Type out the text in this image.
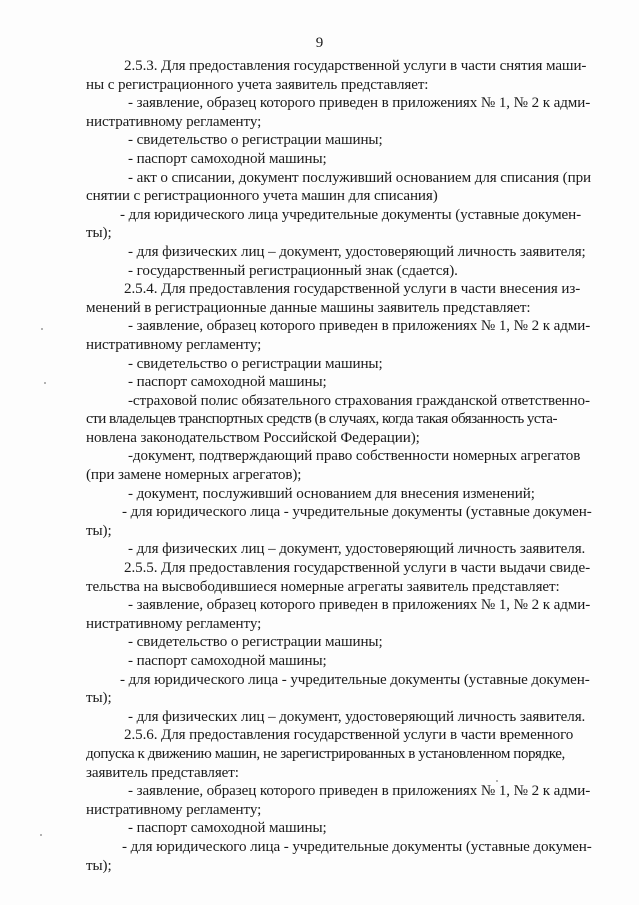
9
2.5.3. Для предоставления государственной услуги в части снятия маши-
ны с регистрационного учета заявитель представляет:
- заявление, образец которого приведен в приложениях № 1, № 2 к адми-
нистративному регламенту;
- свидетельство о регистрации машины;
- паспорт самоходной машины;
- акт о списании, документ послуживший основанием для списания (при
снятии с регистрационного учета машин для списания)
- для юридического лица учредительные документы (уставные докумен-
ты);
- для физических лиц – документ, удостоверяющий личность заявителя;
- государственный регистрационный знак (сдается).
2.5.4. Для предоставления государственной услуги в части внесения из-
менений в регистрационные данные машины заявитель представляет:
- заявление, образец которого приведен в приложениях № 1, № 2 к адми-
нистративному регламенту;
- свидетельство о регистрации машины;
- паспорт самоходной машины;
-страховой полис обязательного страхования гражданской ответственно-
сти владельцев транспортных средств (в случаях, когда такая обязанность уста-
новлена законодательством Российской Федерации);
-документ, подтверждающий право собственности номерных агрегатов
(при замене номерных агрегатов);
- документ, послуживший основанием для внесения изменений;
- для юридического лица - учредительные документы (уставные докумен-
ты);
- для физических лиц – документ, удостоверяющий личность заявителя.
2.5.5. Для предоставления государственной услуги в части выдачи свиде-
тельства на высвободившиеся номерные агрегаты заявитель представляет:
- заявление, образец которого приведен в приложениях № 1, № 2 к адми-
нистративному регламенту;
- свидетельство о регистрации машины;
- паспорт самоходной машины;
- для юридического лица - учредительные документы (уставные докумен-
ты);
- для физических лиц – документ, удостоверяющий личность заявителя.
2.5.6. Для предоставления государственной услуги в части временного
допуска к движению машин, не зарегистрированных в установленном порядке,
заявитель представляет:
- заявление, образец которого приведен в приложениях № 1, № 2 к адми-
нистративному регламенту;
- паспорт самоходной машины;
- для юридического лица - учредительные документы (уставные докумен-
ты);
